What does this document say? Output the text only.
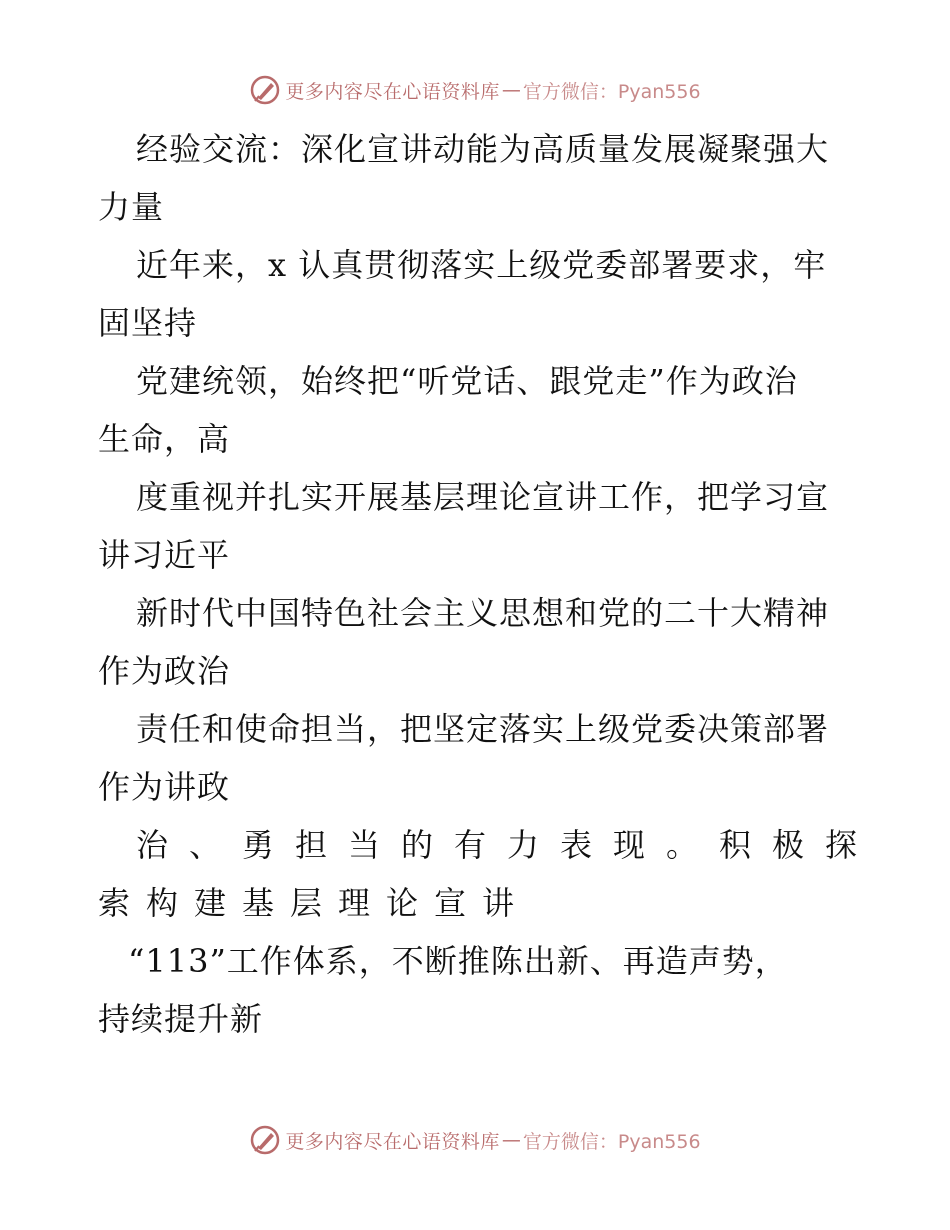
更多内容尽在心语资料库 — 官方微信：Pyan556
经验交流：深化宣讲动能为高质量发展凝聚强大
力量
近年来，x 认真贯彻落实上级党委部署要求，牢
固坚持
党建统领，始终把“听党话、跟党走”作为政治
生命，高
度重视并扎实开展基层理论宣讲工作，把学习宣
讲习近平
新时代中国特色社会主义思想和党的二十大精神
作为政治
责任和使命担当，把坚定落实上级党委决策部署
作为讲政
治、勇担当的有力表现。积极探
索构建基层理论宣讲
“113”工作体系，不断推陈出新、再造声势，
持续提升新
更多内容尽在心语资料库 — 官方微信：Pyan556
